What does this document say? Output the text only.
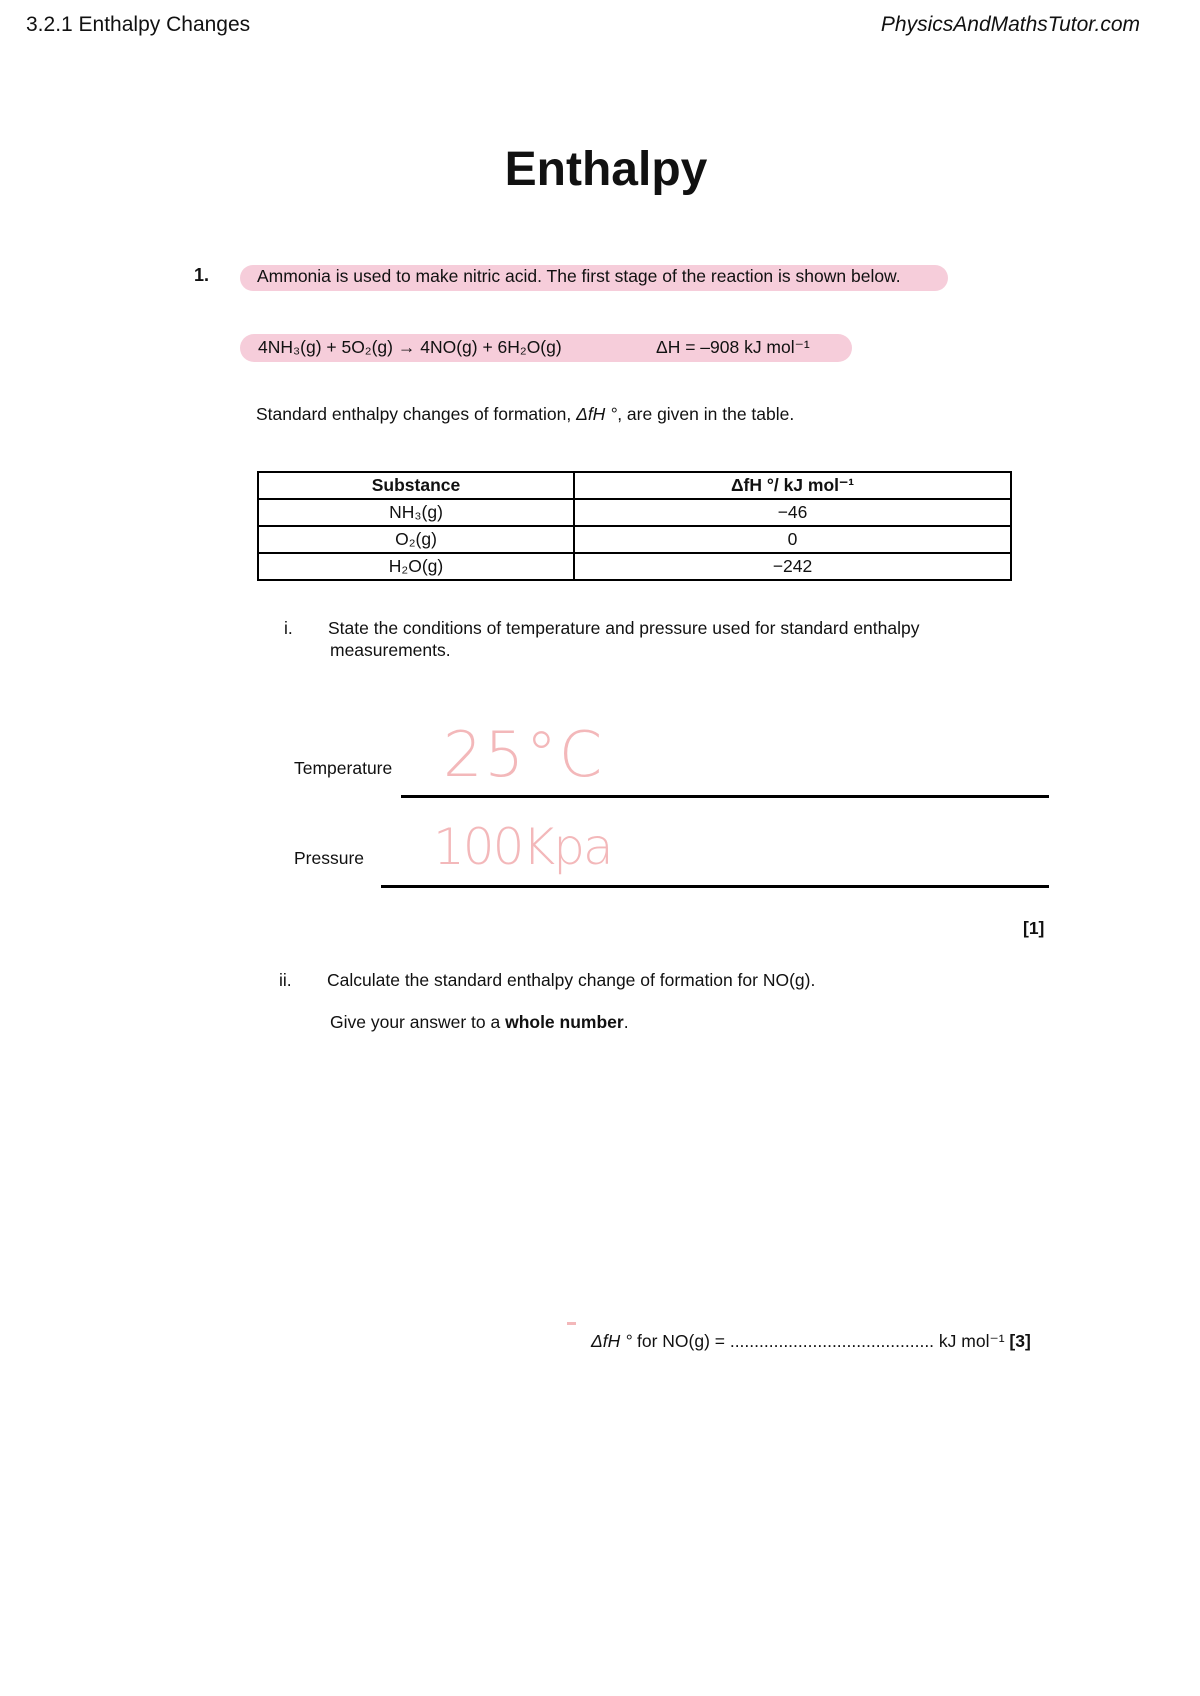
3.2.1 Enthalpy Changes	PhysicsAndMathsTutor.com
Enthalpy
1.	Ammonia is used to make nitric acid. The first stage of the reaction is shown below.
4NH₃(g) + 5O₂(g) → 4NO(g) + 6H₂O(g)	ΔH = –908 kJ mol⁻¹
Standard enthalpy changes of formation, ΔfH °, are given in the table.
Substance	ΔfH °/ kJ mol⁻¹
NH₃(g)	−46
O₂(g)	0
H₂O(g)	−242
i. State the conditions of temperature and pressure used for standard enthalpy
measurements.
Temperature 25°C
Pressure 100Kpa
[1]
ii. Calculate the standard enthalpy change of formation for NO(g).
Give your answer to a whole number.
ΔfH ° for NO(g) = .......................................... kJ mol⁻¹ [3]
